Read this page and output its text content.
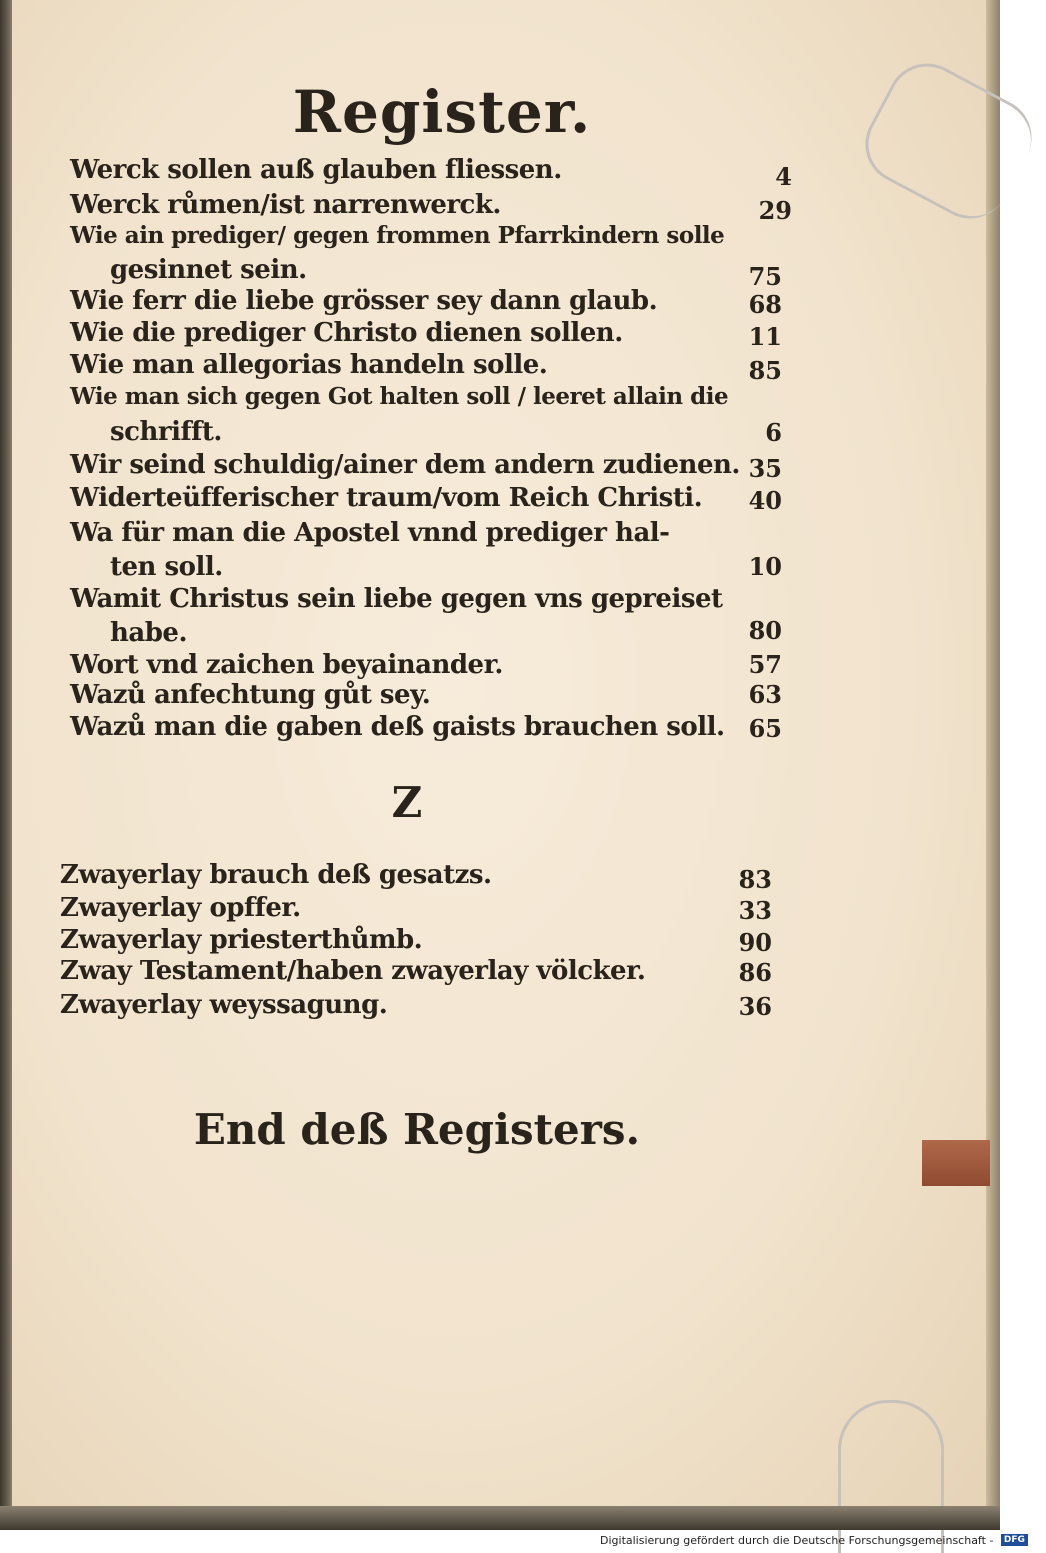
Register.
Werck sollen auß glauben fliessen.	4
Werck růmen/ist narrenwerck.	29
Wie ain prediger/ gegen frommen Pfarrkindern solle
gesinnet sein.	75
Wie ferr die liebe grösser sey dann glaub.	68
Wie die prediger Christo dienen sollen.	11
Wie man allegorias handeln solle.	85
Wie man sich gegen Got halten soll / leeret allain die
schrifft.	6
Wir seind schuldig/ainer dem andern zudienen. 35
Widerteüfferischer traum/vom Reich Christi.	40
Wa für man die Apostel vnnd prediger hal-
ten soll.	10
Wamit Christus sein liebe gegen vns gepreiset
habe.	80
Wort vnd zaichen beyainander.	57
Wazů anfechtung gůt sey.	63
Wazů man die gaben deß gaists brauchen soll.	65
Z
Zwayerlay brauch deß gesatzs.	83
Zwayerlay opffer.	33
Zwayerlay priesterthůmb.	90
Zway Testament/haben zwayerlay völcker.	86
Zwayerlay weyssagung.	36
End deß Registers.
Digitalisierung gefördert durch die Deutsche Forschungsgemeinschaft - DFG
